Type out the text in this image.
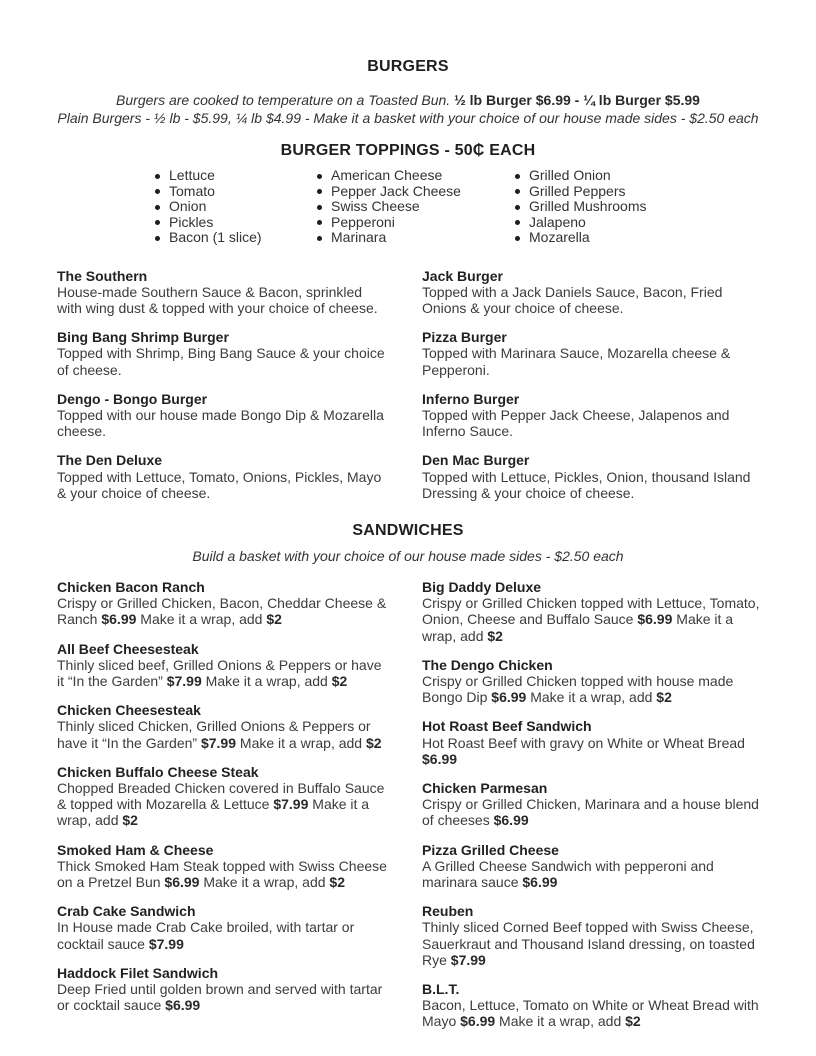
BURGERS

Burgers are cooked to temperature on a Toasted Bun. ½ lb Burger $6.99 - ¼ lb Burger $5.99

Plain Burgers - ½ lb - $5.99, ¼ lb $4.99 - Make it a basket with your choice of our house made sides - $2.50 each

BURGER TOPPINGS - 50₵ EACH
Lettuce
Tomato
Onion
Pickles
Bacon (1 slice)
American Cheese
Pepper Jack Cheese
Swiss Cheese
Pepperoni
Marinara
Grilled Onion
Grilled Peppers
Grilled Mushrooms
Jalapeno
Mozarella
The Southern
House-made Southern Sauce & Bacon, sprinkled with wing dust & topped with your choice of cheese.
Bing Bang Shrimp Burger
Topped with Shrimp, Bing Bang Sauce & your choice of cheese.
Dengo - Bongo Burger
Topped with our house made Bongo Dip & Mozarella cheese.
The Den Deluxe
Topped with Lettuce, Tomato, Onions, Pickles, Mayo & your choice of cheese.
Jack Burger
Topped with a Jack Daniels Sauce, Bacon, Fried Onions & your choice of cheese.
Pizza Burger
Topped with Marinara Sauce, Mozarella cheese & Pepperoni.
Inferno Burger
Topped with Pepper Jack Cheese, Jalapenos and Inferno Sauce.
Den Mac Burger
Topped with Lettuce, Pickles, Onion, thousand Island Dressing & your choice of cheese.
SANDWICHES

Build a basket with your choice of our house made sides - $2.50 each

Chicken Bacon Ranch
Crispy or Grilled Chicken, Bacon, Cheddar Cheese & Ranch $6.99 Make it a wrap, add $2
All Beef Cheesesteak
Thinly sliced beef, Grilled Onions & Peppers or have it “In the Garden” $7.99 Make it a wrap, add $2
Chicken Cheesesteak
Thinly sliced Chicken, Grilled Onions & Peppers or have it “In the Garden” $7.99 Make it a wrap, add $2
Chicken Buffalo Cheese Steak
Chopped Breaded Chicken covered in Buffalo Sauce & topped with Mozarella & Lettuce $7.99 Make it a wrap, add $2
Smoked Ham & Cheese
Thick Smoked Ham Steak topped with Swiss Cheese on a Pretzel Bun $6.99 Make it a wrap, add $2
Crab Cake Sandwich
In House made Crab Cake broiled, with tartar or cocktail sauce $7.99
Haddock Filet Sandwich
Deep Fried until golden brown and served with tartar or cocktail sauce $6.99
Big Daddy Deluxe
Crispy or Grilled Chicken topped with Lettuce, Tomato, Onion, Cheese and Buffalo Sauce $6.99 Make it a wrap, add $2
The Dengo Chicken
Crispy or Grilled Chicken topped with house made Bongo Dip $6.99 Make it a wrap, add $2
Hot Roast Beef Sandwich
Hot Roast Beef with gravy on White or Wheat Bread $6.99
Chicken Parmesan
Crispy or Grilled Chicken, Marinara and a house blend of cheeses $6.99
Pizza Grilled Cheese
A Grilled Cheese Sandwich with pepperoni and marinara sauce $6.99
Reuben
Thinly sliced Corned Beef topped with Swiss Cheese, Sauerkraut and Thousand Island dressing, on toasted Rye $7.99
B.L.T.
Bacon, Lettuce, Tomato on White or Wheat Bread with Mayo $6.99 Make it a wrap, add $2
